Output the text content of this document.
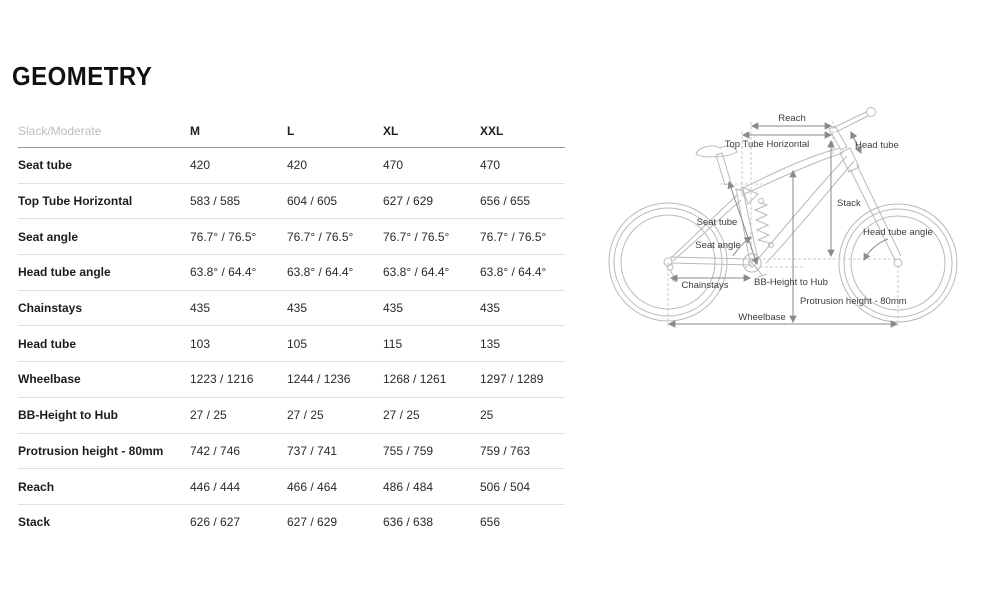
GEOMETRY
Slack/Moderate	M	L	XL	XXL
Seat tube	420	420	470	470
Top Tube Horizontal	583 / 585	604 / 605	627 / 629	656 / 655
Seat angle	76.7° / 76.5°	76.7° / 76.5°	76.7° / 76.5°	76.7° / 76.5°
Head tube angle	63.8° / 64.4°	63.8° / 64.4°	63.8° / 64.4°	63.8° / 64.4°
Chainstays	435	435	435	435
Head tube	103	105	115	135
Wheelbase	1223 / 1216	1244 / 1236	1268 / 1261	1297 / 1289
BB-Height to Hub	27 / 25	27 / 25	27 / 25	25
Protrusion height - 80mm	742 / 746	737 / 741	755 / 759	759 / 763
Reach	446 / 444	466 / 464	486 / 484	506 / 504
Stack	626 / 627	627 / 629	636 / 638	656
Reach
Top Tube Horizontal	Head tube
Stack
Seat tube
Seat angle
Head tube angle
Chainstays	BB-Height to Hub
Protrusion height - 80mm
Wheelbase
